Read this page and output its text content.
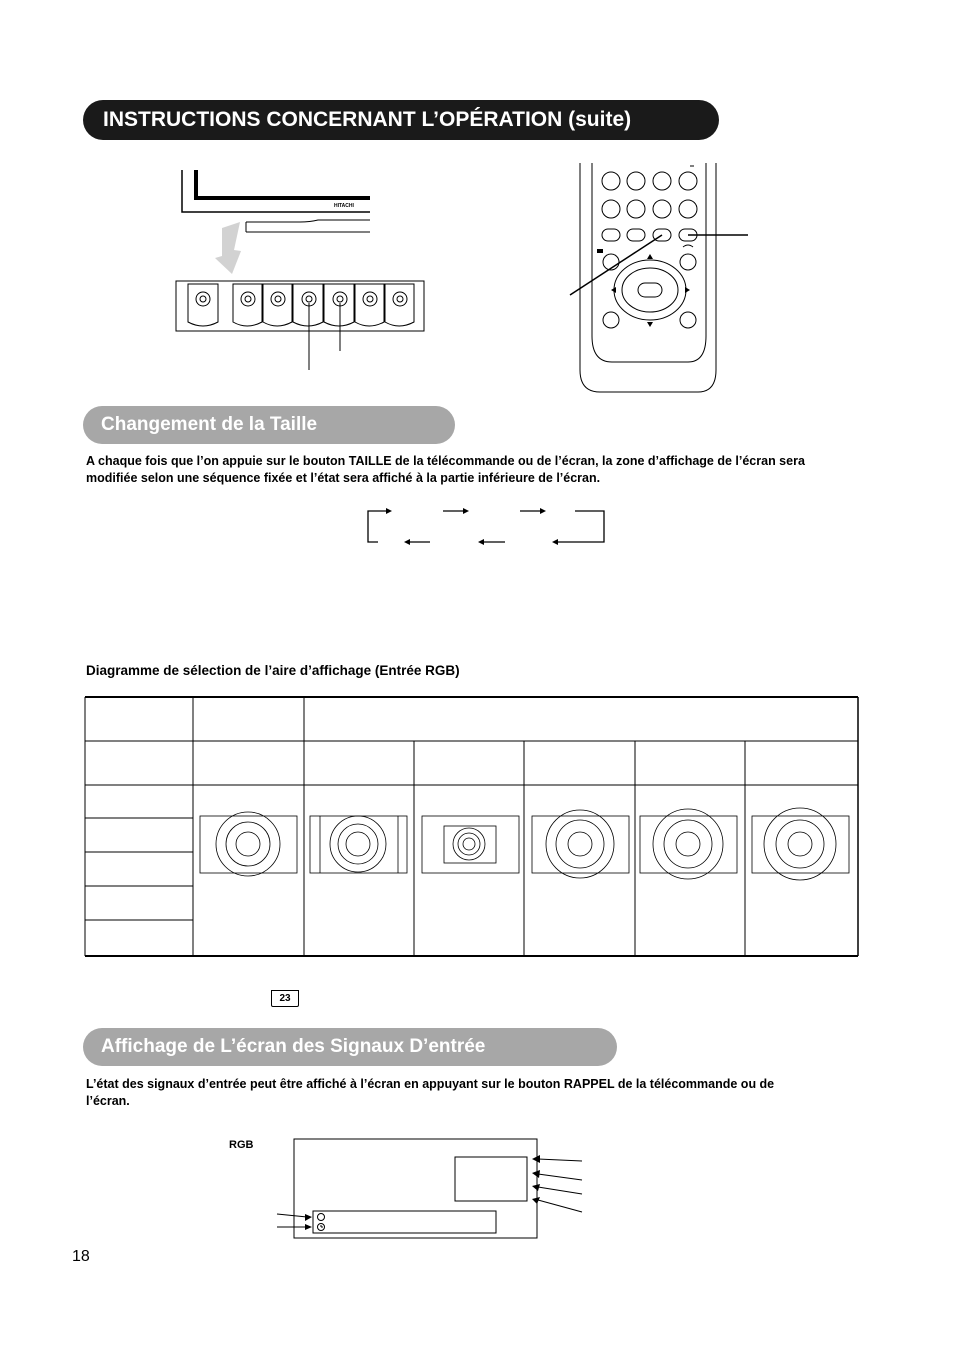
INSTRUCTIONS CONCERNANT L’OPÉRATION (suite)
HITACHI
Changement de la Taille
A chaque fois que l’on appuie sur le bouton TAILLE de la télécommande ou de l’écran, la zone d’affichage de l’écran sera modifiée selon une séquence fixée et l’état sera affiché à la partie inférieure de l’écran.
Diagramme de sélection de l’aire d’affichage (Entrée RGB)
23
Affichage de L’écran des Signaux D’entrée
L’état des signaux d’entrée peut être affiché à l’écran en appuyant sur le bouton RAPPEL de la télécommande ou de l’écran.
RGB
18
